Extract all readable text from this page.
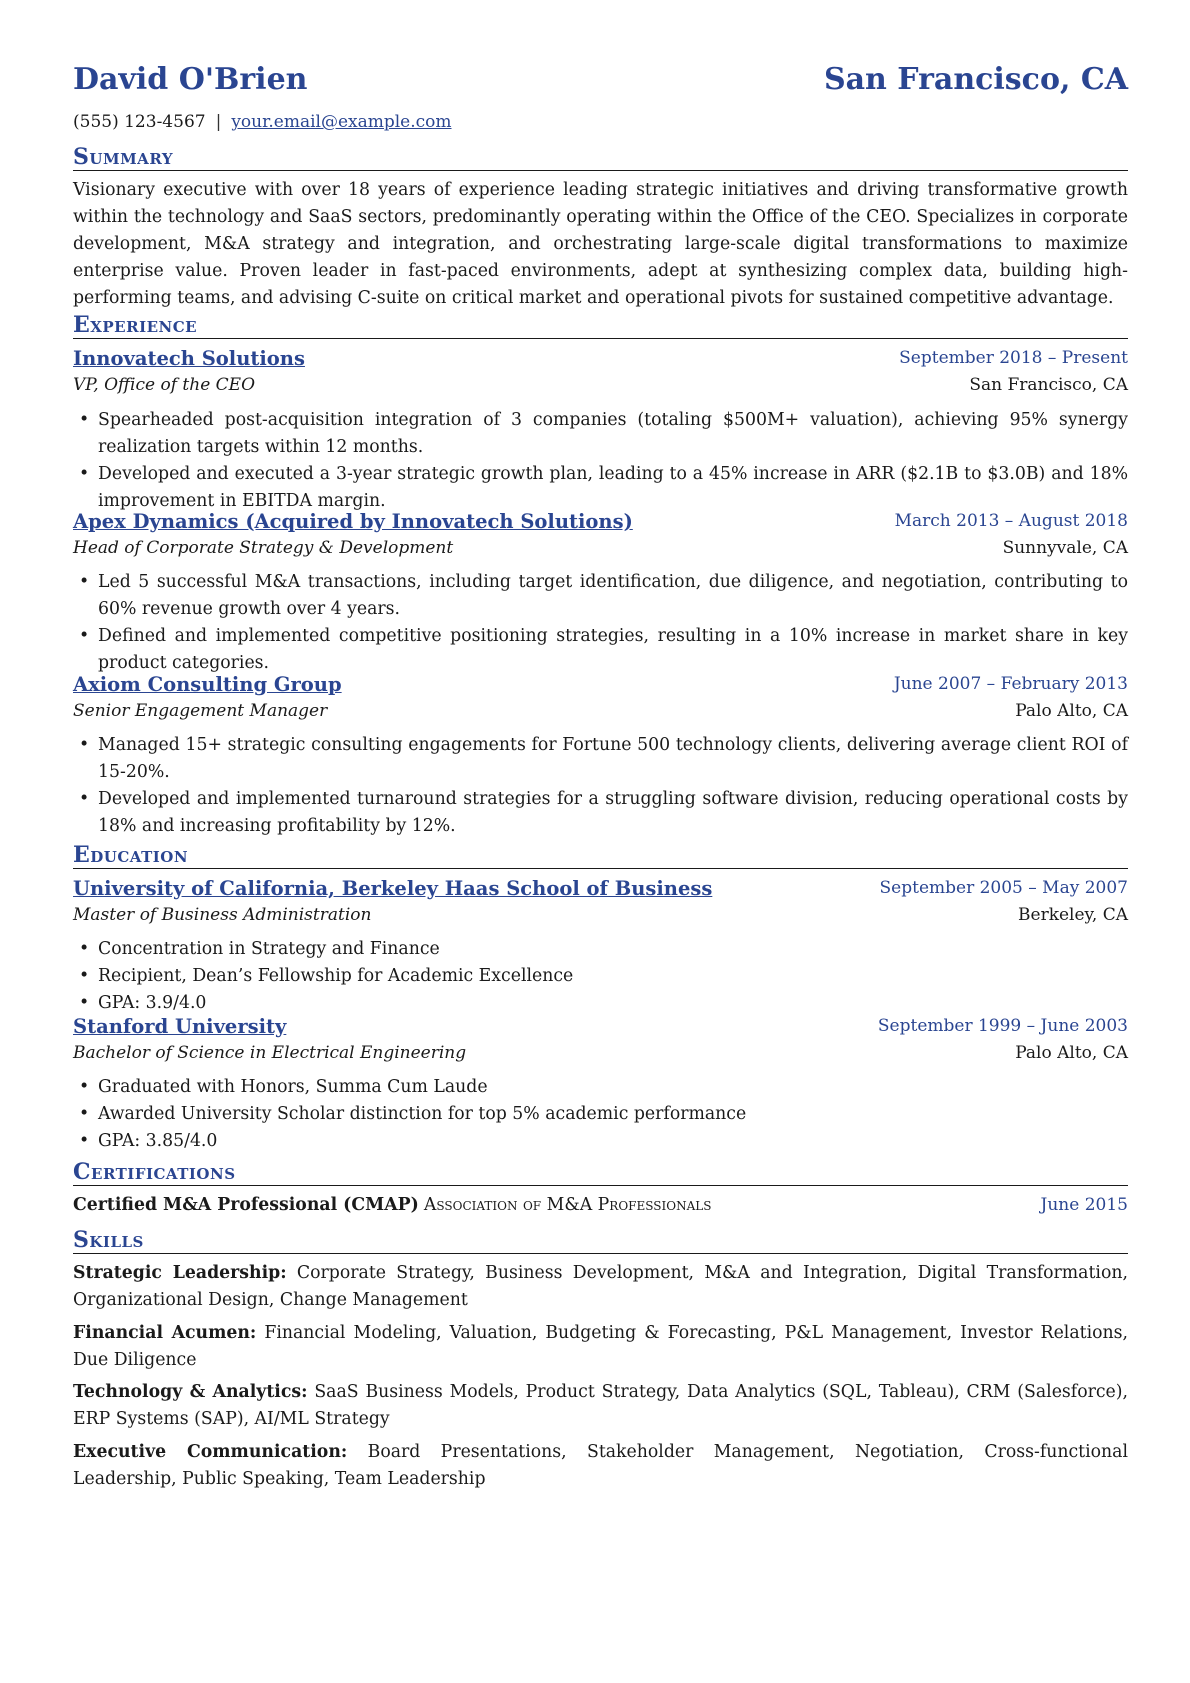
David O'Brien	San Francisco, CA
(555) 123-4567 | your.email@example.com
Summary
Visionary executive with over 18 years of experience leading strategic initiatives and driving transformative growth within the technology and SaaS sectors, predominantly operating within the Office of the CEO. Specializes in corporate development, M&A strategy and integration, and orchestrating large-scale digital transformations to maximize enterprise value. Proven leader in fast-paced environments, adept at synthesizing complex data, building high-performing teams, and advising C-suite on critical market and operational pivots for sustained competitive advantage.
Experience
Innovatech Solutions	September 2018 – Present
VP, Office of the CEO	San Francisco, CA
• Spearheaded post-acquisition integration of 3 companies (totaling $500M+ valuation), achieving 95% synergy realization targets within 12 months.
• Developed and executed a 3-year strategic growth plan, leading to a 45% increase in ARR ($2.1B to $3.0B) and 18% improvement in EBITDA margin.
Apex Dynamics (Acquired by Innovatech Solutions)	March 2013 – August 2018
Head of Corporate Strategy & Development	Sunnyvale, CA
• Led 5 successful M&A transactions, including target identification, due diligence, and negotiation, contributing to 60% revenue growth over 4 years.
• Defined and implemented competitive positioning strategies, resulting in a 10% increase in market share in key product categories.
Axiom Consulting Group	June 2007 – February 2013
Senior Engagement Manager	Palo Alto, CA
• Managed 15+ strategic consulting engagements for Fortune 500 technology clients, delivering average client ROI of 15-20%.
• Developed and implemented turnaround strategies for a struggling software division, reducing operational costs by 18% and increasing profitability by 12%.
Education
University of California, Berkeley Haas School of Business	September 2005 – May 2007
Master of Business Administration	Berkeley, CA
• Concentration in Strategy and Finance
• Recipient, Dean’s Fellowship for Academic Excellence
• GPA: 3.9/4.0
Stanford University	September 1999 – June 2003
Bachelor of Science in Electrical Engineering	Palo Alto, CA
• Graduated with Honors, Summa Cum Laude
• Awarded University Scholar distinction for top 5% academic performance
• GPA: 3.85/4.0
Certifications
Certified M&A Professional (CMAP) Association of M&A Professionals	June 2015
Skills
Strategic Leadership: Corporate Strategy, Business Development, M&A and Integration, Digital Transformation, Organizational Design, Change Management
Financial Acumen: Financial Modeling, Valuation, Budgeting & Forecasting, P&L Management, Investor Relations, Due Diligence
Technology & Analytics: SaaS Business Models, Product Strategy, Data Analytics (SQL, Tableau), CRM (Salesforce), ERP Systems (SAP), AI/ML Strategy
Executive Communication: Board Presentations, Stakeholder Management, Negotiation, Cross-functional Leadership, Public Speaking, Team Leadership
